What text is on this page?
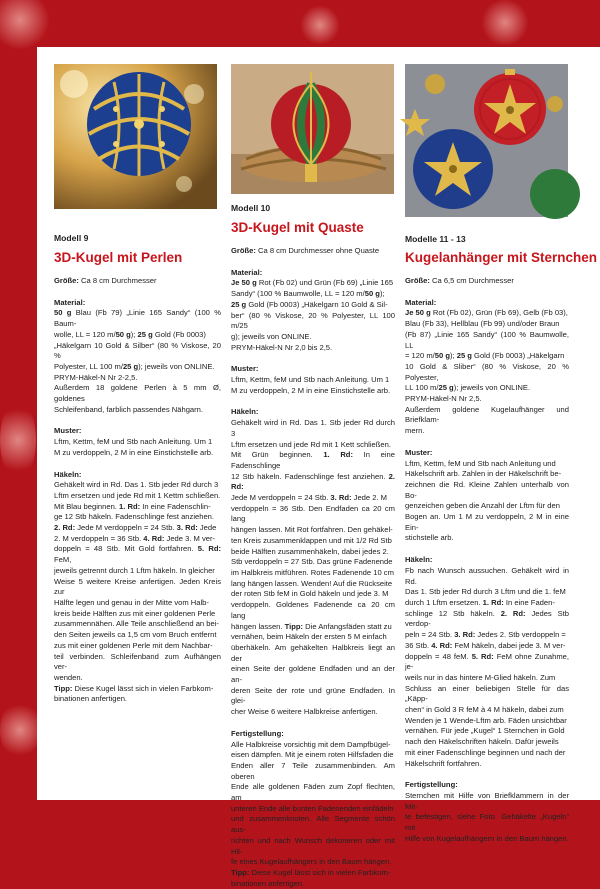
Modell 9
3D-Kugel mit Perlen

Größe: Ca 8 cm Durchmesser

Material:

50 g Blau (Fb 79) „Linie 165 Sandy“ (100 % Baum-

wolle, LL = 120 m/50 g); 25 g Gold (Fb 0003)

„Häkelgarn 10 Gold & Silber“ (80 % Viskose, 20 %

Polyester, LL 100 m/25 g); jeweils von ONLINE.

PRYM-Häkel-N Nr 2-2,5.

Außerdem 18 goldene Perlen à 5 mm Ø, goldenes

Schleifenband, farblich passendes Nähgarn.

Muster:

Lftm, Kettm, feM und Stb nach Anleitung. Um 1

M zu verdoppeln, 2 M in eine Einstichstelle arb.

Häkeln:

Gehäkelt wird in Rd. Das 1. Stb jeder Rd durch 3

Lftm ersetzen und jede Rd mit 1 Kettm schließen.

Mit Blau beginnen. 1. Rd: In eine Fadenschlin-

ge 12 Stb häkeln. Fadenschlinge fest anziehen.

2. Rd: Jede M verdoppeln = 24 Stb. 3. Rd: Jede

2. M verdoppeln = 36 Stb. 4. Rd: Jede 3. M ver-

doppeln = 48 Stb. Mit Gold fortfahren. 5. Rd: FeM,

jeweils getrennt durch 1 Lftm häkeln. In gleicher

Weise 5 weitere Kreise anfertigen. Jeden Kreis zur

Hälfte legen und genau in der Mitte vom Halb-

kreis beide Hälften zus mit einer goldenen Perle

zusammennähen. Alle Teile anschließend an bei-

den Seiten jeweils ca 1,5 cm vom Bruch entfernt

zus mit einer goldenen Perle mit dem Nachbar-

teil verbinden. Schleifenband zum Aufhängen ver-

wenden.

Tipp: Diese Kugel lässt sich in vielen Farbkom-

binationen anfertigen.

Modell 10
3D-Kugel mit Quaste

Größe: Ca 8 cm Durchmesser ohne Quaste

Material:

Je 50 g Rot (Fb 02) und Grün (Fb 69) „Linie 165

Sandy“ (100 % Baumwolle, LL = 120 m/50 g);

25 g Gold (Fb 0003) „Häkelgarn 10 Gold & Sil-

ber“ (80 % Viskose, 20 % Polyester, LL 100 m/25

g); jeweils von ONLINE.

PRYM-Häkel-N Nr 2,0 bis 2,5.

Muster:

Lftm, Kettm, feM und Stb nach Anleitung. Um 1

M zu verdoppeln, 2 M in eine Einstichstelle arb.

Häkeln:

Gehäkelt wird in Rd. Das 1. Stb jeder Rd durch 3

Lftm ersetzen und jede Rd mit 1 Kett schließen.

Mit Grün beginnen. 1. Rd: In eine Fadenschlinge

12 Stb häkeln. Fadenschlinge fest anziehen. 2. Rd:

Jede M verdoppeln = 24 Stb. 3. Rd: Jede 2. M

verdoppeln = 36 Stb. Den Endfaden ca 20 cm lang

hängen lassen. Mit Rot fortfahren. Den gehäkel-

ten Kreis zusammenklappen und mit 1/2 Rd Stb

beide Hälften zusammenhäkeln, dabei jedes 2.

Stb verdoppeln = 27 Stb. Das grüne Fadenende

im Halbkreis mitführen. Rotes Fadenende 10 cm

lang hängen lassen. Wenden! Auf die Rückseite

der roten Stb feM in Gold häkeln und jede 3. M

verdoppeln. Goldenes Fadenende ca 20 cm lang

hängen lassen. Tipp: Die Anfangsfäden statt zu

vernähen, beim Häkeln der ersten 5 M einfach

überhäkeln. Am gehäkelten Halbkreis liegt an der

einen Seite der goldene Endfaden und an der an-

deren Seite der rote und grüne Endfaden. In glei-

cher Weise 6 weitere Halbkreise anfertigen.

Fertigstellung:

Alle Halbkreise vorsichtig mit dem Dampfbügel-

eisen dämpfen. Mit je einem roten Hilfsfaden die

Enden aller 7 Teile zusammenbinden. Am oberen

Ende alle goldenen Fäden zum Zopf flechten, am

unteren Ende alle bunten Fadenenden einfädeln

und zusammenknoten. Alle Segmente schön aus-

richten und nach Wunsch dekorieren oder mit Hil-

fe eines Kugelaufhängers in den Baum hängen.

Tipp: Diese Kugel lässt sich in vielen Farbkom-

binationen anfertigen.

Modelle 11 - 13
Kugelanhänger mit Sternchen

Größe: Ca 6,5 cm Durchmesser

Material:

Je 50 g Rot (Fb 02), Grün (Fb 69), Gelb (Fb 03),

Blau (Fb 33), Hellblau (Fb 99) und/oder Braun

(Fb 87) „Linie 165 Sandy“ (100 % Baumwolle, LL

= 120 m/50 g); 25 g Gold (Fb 0003) „Häkelgarn

10 Gold & Sliber“ (80 % Viskose, 20 % Polyester,

LL 100 m/25 g); jeweils von ONLINE.

PRYM-Häkel-N Nr 2,5.

Außerdem goldene Kugelaufhänger und Briefklam-

mern.

Muster:

Lftm, Kettm, feM und Stb nach Anleitung und

Häkelschrift arb. Zahlen in der Häkelschrift be-

zeichnen die Rd. Kleine Zahlen unterhalb von Bo-

genzeichen geben die Anzahl der Lftm für den

Bogen an. Um 1 M zu verdoppeln, 2 M in eine Ein-

stichstelle arb.

Häkeln:

Fb nach Wunsch aussuchen. Gehäkelt wird in Rd.

Das 1. Stb jeder Rd durch 3 Lftm und die 1. feM

durch 1 Lftm ersetzen. 1. Rd: In eine Faden-

schlinge 12 Stb häkeln. 2. Rd: Jedes Stb verdop-

peln = 24 Stb. 3. Rd: Jedes 2. Stb verdoppeln =

36 Stb. 4. Rd: FeM häkeln, dabei jede 3. M ver-

doppeln = 48 feM. 5. Rd: FeM ohne Zunahme, je-

weils nur in das hintere M-Glied häkeln. Zum

Schluss an einer beliebigen Stelle für das „Käpp-

chen“ in Gold 3 R feM à 4 M häkeln, dabei zum

Wenden je 1 Wende-Lftm arb. Fäden unsichtbar

vernähen. Für jede „Kugel“ 1 Sternchen in Gold

nach den Häkelschriften häkeln. Dafür jeweils

mit einer Fadenschlinge beginnen und nach der

Häkelschrift fortfahren.

Fertigstellung:

Sternchen mit Hilfe von Briefklammern in der Mit-

te befestigen, siehe Foto. Gehäkelte „Kugeln“ mit

Hilfe von Kugelaufhängern in den Baum hängen.

26	PassionForum.ru
